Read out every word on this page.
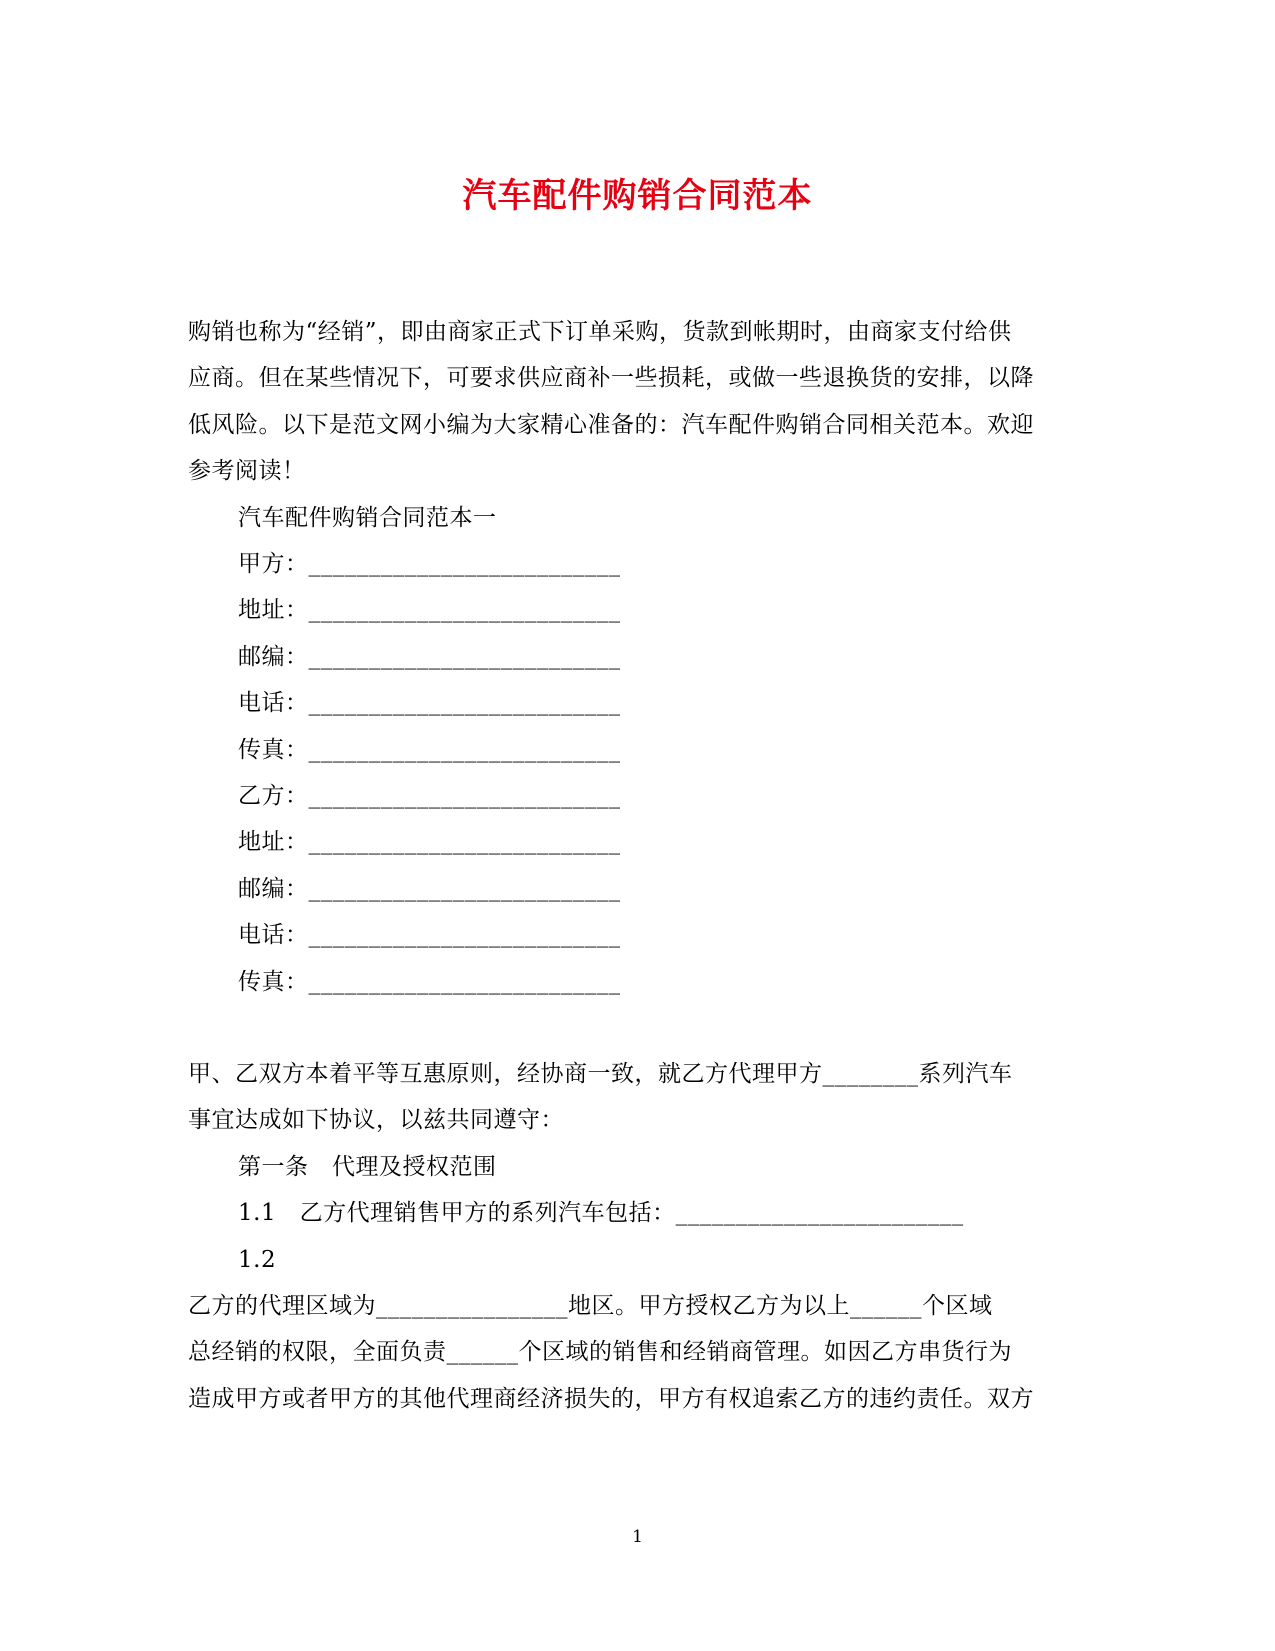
汽车配件购销合同范本
购销也称为“经销”，即由商家正式下订单采购，货款到帐期时，由商家支付给供
应商。但在某些情况下，可要求供应商补一些损耗，或做一些退换货的安排，以降
低风险。以下是范文网小编为大家精心准备的：汽车配件购销合同相关范本。欢迎
参考阅读！
汽车配件购销合同范本一
甲方：__________________________
地址：__________________________
邮编：__________________________
电话：__________________________
传真：__________________________
乙方：__________________________
地址：__________________________
邮编：__________________________
电话：__________________________
传真：__________________________
甲、乙双方本着平等互惠原则，经协商一致，就乙方代理甲方________系列汽车
事宜达成如下协议，以兹共同遵守：
第一条　代理及授权范围
1.1　乙方代理销售甲方的系列汽车包括：________________________
1.2
乙方的代理区域为________________地区。甲方授权乙方为以上______个区域
总经销的权限，全面负责______个区域的销售和经销商管理。如因乙方串货行为
造成甲方或者甲方的其他代理商经济损失的，甲方有权追索乙方的违约责任。双方
1
